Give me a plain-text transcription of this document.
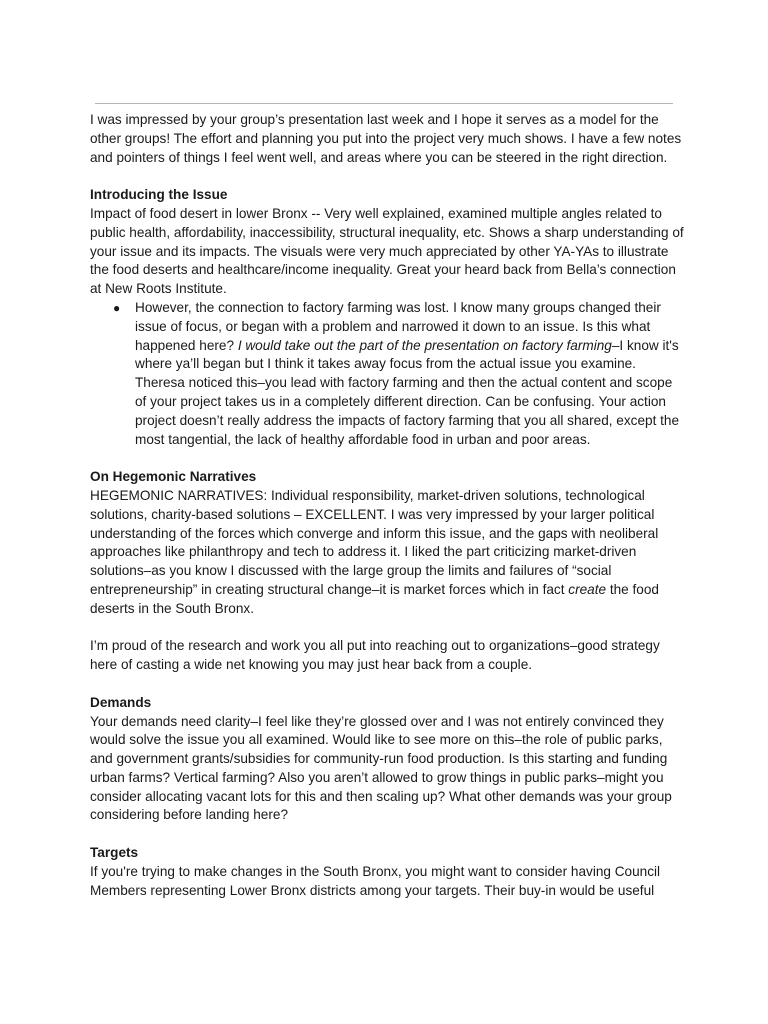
I was impressed by your group’s presentation last week and I hope it serves as a model for the other groups! The effort and planning you put into the project very much shows. I have a few notes and pointers of things I feel went well, and areas where you can be steered in the right direction.

Introducing the Issue

Impact of food desert in lower Bronx -- Very well explained, examined multiple angles related to public health, affordability, inaccessibility, structural inequality, etc. Shows a sharp understanding of your issue and its impacts. The visuals were very much appreciated by other YA-YAs to illustrate the food deserts and healthcare/income inequality. Great your heard back from Bella’s connection at New Roots Institute.

● However, the connection to factory farming was lost. I know many groups changed their issue of focus, or began with a problem and narrowed it down to an issue. Is this what happened here? I would take out the part of the presentation on factory farming–I know it's where ya’ll began but I think it takes away focus from the actual issue you examine. Theresa noticed this–you lead with factory farming and then the actual content and scope of your project takes us in a completely different direction. Can be confusing. Your action project doesn’t really address the impacts of factory farming that you all shared, except the most tangential, the lack of healthy affordable food in urban and poor areas.

On Hegemonic Narratives

HEGEMONIC NARRATIVES: Individual responsibility, market-driven solutions, technological solutions, charity-based solutions – EXCELLENT. I was very impressed by your larger political understanding of the forces which converge and inform this issue, and the gaps with neoliberal approaches like philanthropy and tech to address it. I liked the part criticizing market-driven solutions–as you know I discussed with the large group the limits and failures of “social entrepreneurship” in creating structural change–it is market forces which in fact create the food deserts in the South Bronx.

I’m proud of the research and work you all put into reaching out to organizations–good strategy here of casting a wide net knowing you may just hear back from a couple.

Demands

Your demands need clarity–I feel like they’re glossed over and I was not entirely convinced they would solve the issue you all examined. Would like to see more on this–the role of public parks, and government grants/subsidies for community-run food production. Is this starting and funding urban farms? Vertical farming? Also you aren’t allowed to grow things in public parks–might you consider allocating vacant lots for this and then scaling up? What other demands was your group considering before landing here?

Targets

If you're trying to make changes in the South Bronx, you might want to consider having Council Members representing Lower Bronx districts among your targets. Their buy-in would be useful
